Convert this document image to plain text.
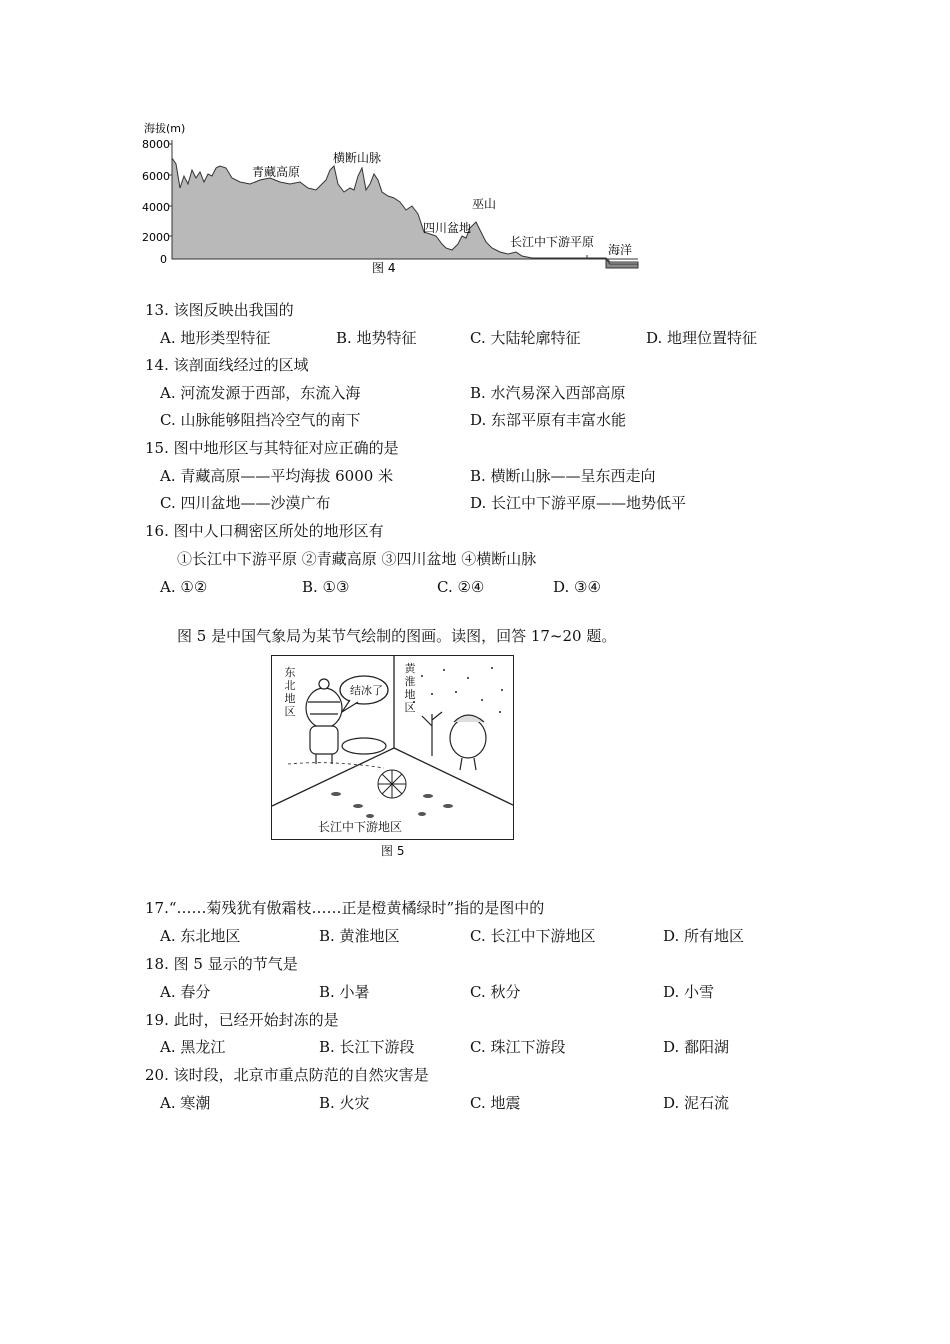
海拔(m)
8000
6000
4000
2000
0
青藏高原
横断山脉
四川盆地
巫山
长江中下游平原
海洋
图 4
13. 该图反映出我国的
A. 地形类型特征	B. 地势特征	C. 大陆轮廓特征	D. 地理位置特征
14. 该剖面线经过的区域
A. 河流发源于西部，东流入海	B. 水汽易深入西部高原
C. 山脉能够阻挡冷空气的南下	D. 东部平原有丰富水能
15. 图中地形区与其特征对应正确的是
A. 青藏高原——平均海拔 6000 米	B. 横断山脉——呈东西走向
C. 四川盆地——沙漠广布	D. 长江中下游平原——地势低平
16. 图中人口稠密区所处的地形区有
①长江中下游平原 ②青藏高原 ③四川盆地 ④横断山脉
A. ①②	B. ①③	C. ②④	D. ③④
图 5 是中国气象局为某节气绘制的图画。读图，回答 17~20 题。
东北地区
黄淮地区
结冰了
长江中下游地区
图 5
17.“……菊残犹有傲霜枝……正是橙黄橘绿时”指的是图中的
A. 东北地区	B. 黄淮地区	C. 长江中下游地区	D. 所有地区
18. 图 5 显示的节气是
A. 春分	B. 小暑	C. 秋分	D. 小雪
19. 此时，已经开始封冻的是
A. 黑龙江	B. 长江下游段	C. 珠江下游段	D. 鄱阳湖
20. 该时段，北京市重点防范的自然灾害是
A. 寒潮	B. 火灾	C. 地震	D. 泥石流
